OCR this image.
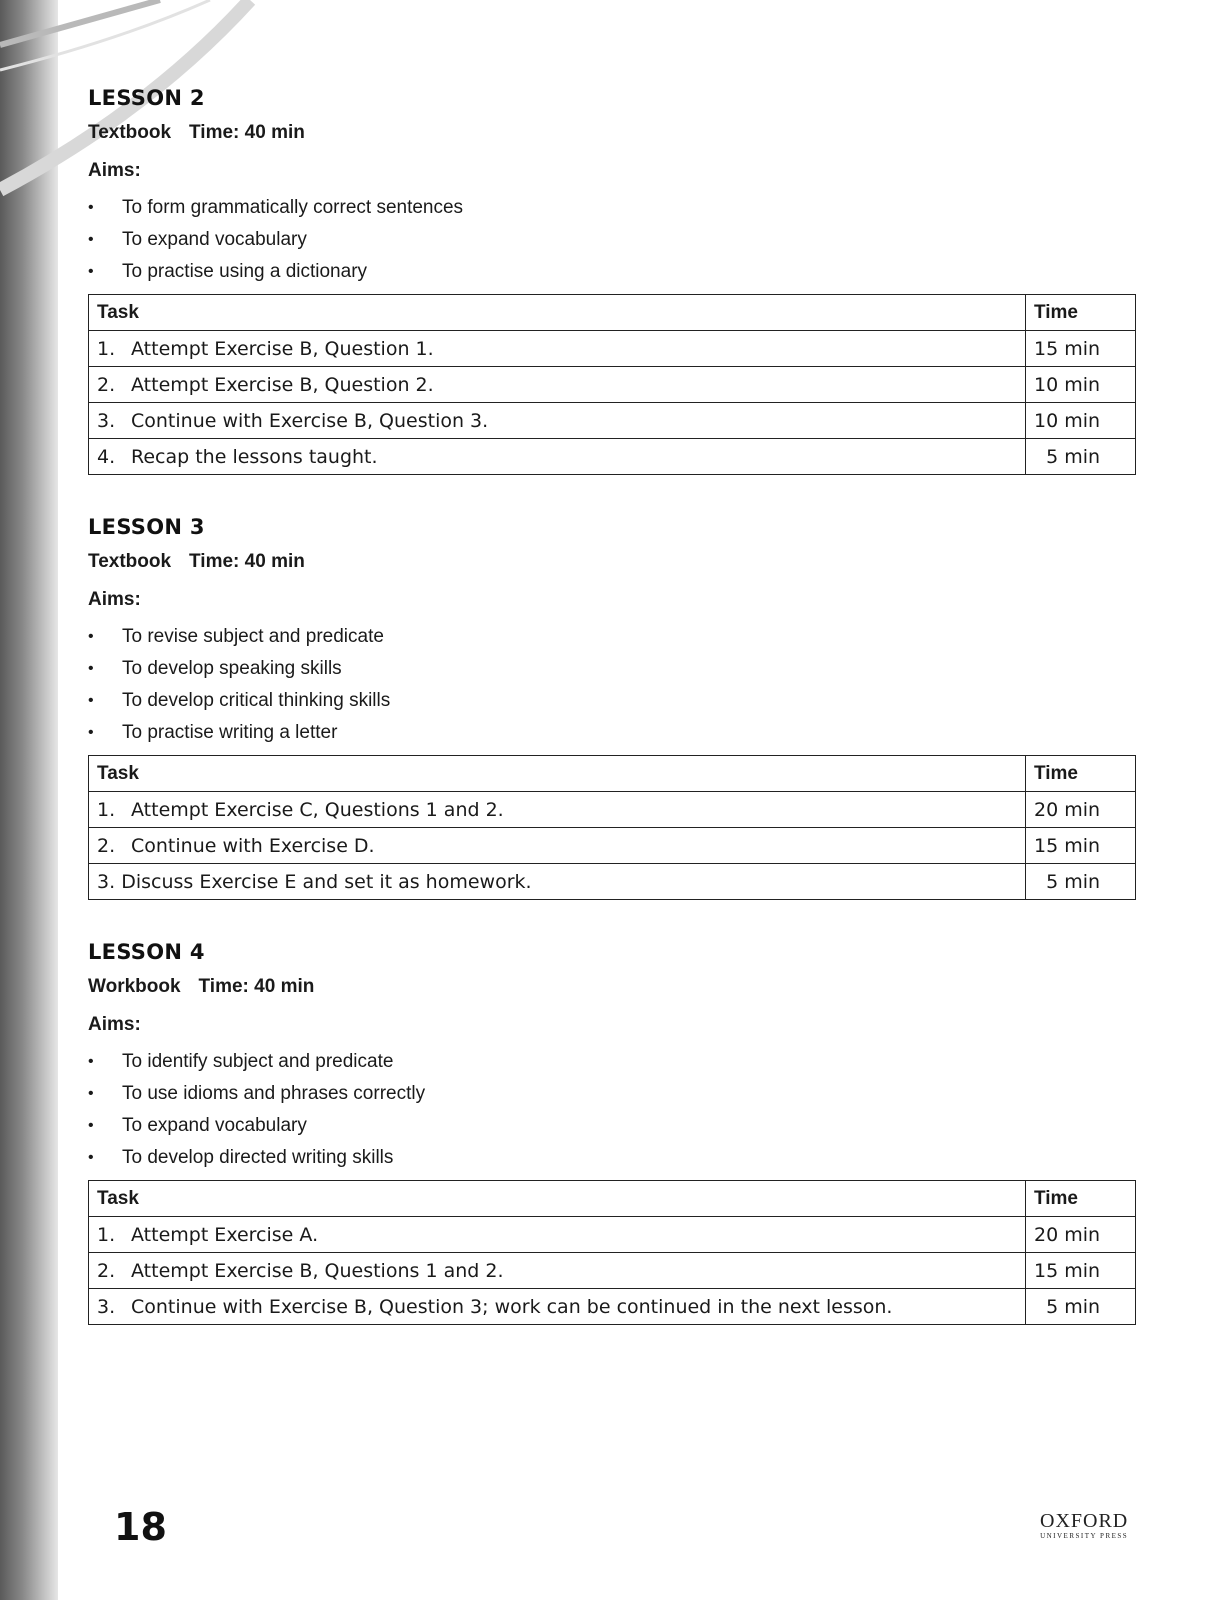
LESSON 2

Textbook Time: 40 min

Aims:

• To form grammatically correct sentences
• To expand vocabulary
• To practise using a dictionary
Task	Time
1. Attempt Exercise B, Question 1.	15 min
2. Attempt Exercise B, Question 2.	10 min
3. Continue with Exercise B, Question 3.	10 min
4. Recap the lessons taught.	5 min
LESSON 3

Textbook Time: 40 min

Aims:

• To revise subject and predicate
• To develop speaking skills
• To develop critical thinking skills
• To practise writing a letter
Task	Time
1. Attempt Exercise C, Questions 1 and 2.	20 min
2. Continue with Exercise D.	15 min
3. Discuss Exercise E and set it as homework.	5 min
LESSON 4

Workbook Time: 40 min

Aims:

• To identify subject and predicate
• To use idioms and phrases correctly
• To expand vocabulary
• To develop directed writing skills
Task	Time
1. Attempt Exercise A.	20 min
2. Attempt Exercise B, Questions 1 and 2.	15 min
3. Continue with Exercise B, Question 3; work can be continued in the next lesson.	5 min
18	OXFORD
UNIVERSITY PRESS
